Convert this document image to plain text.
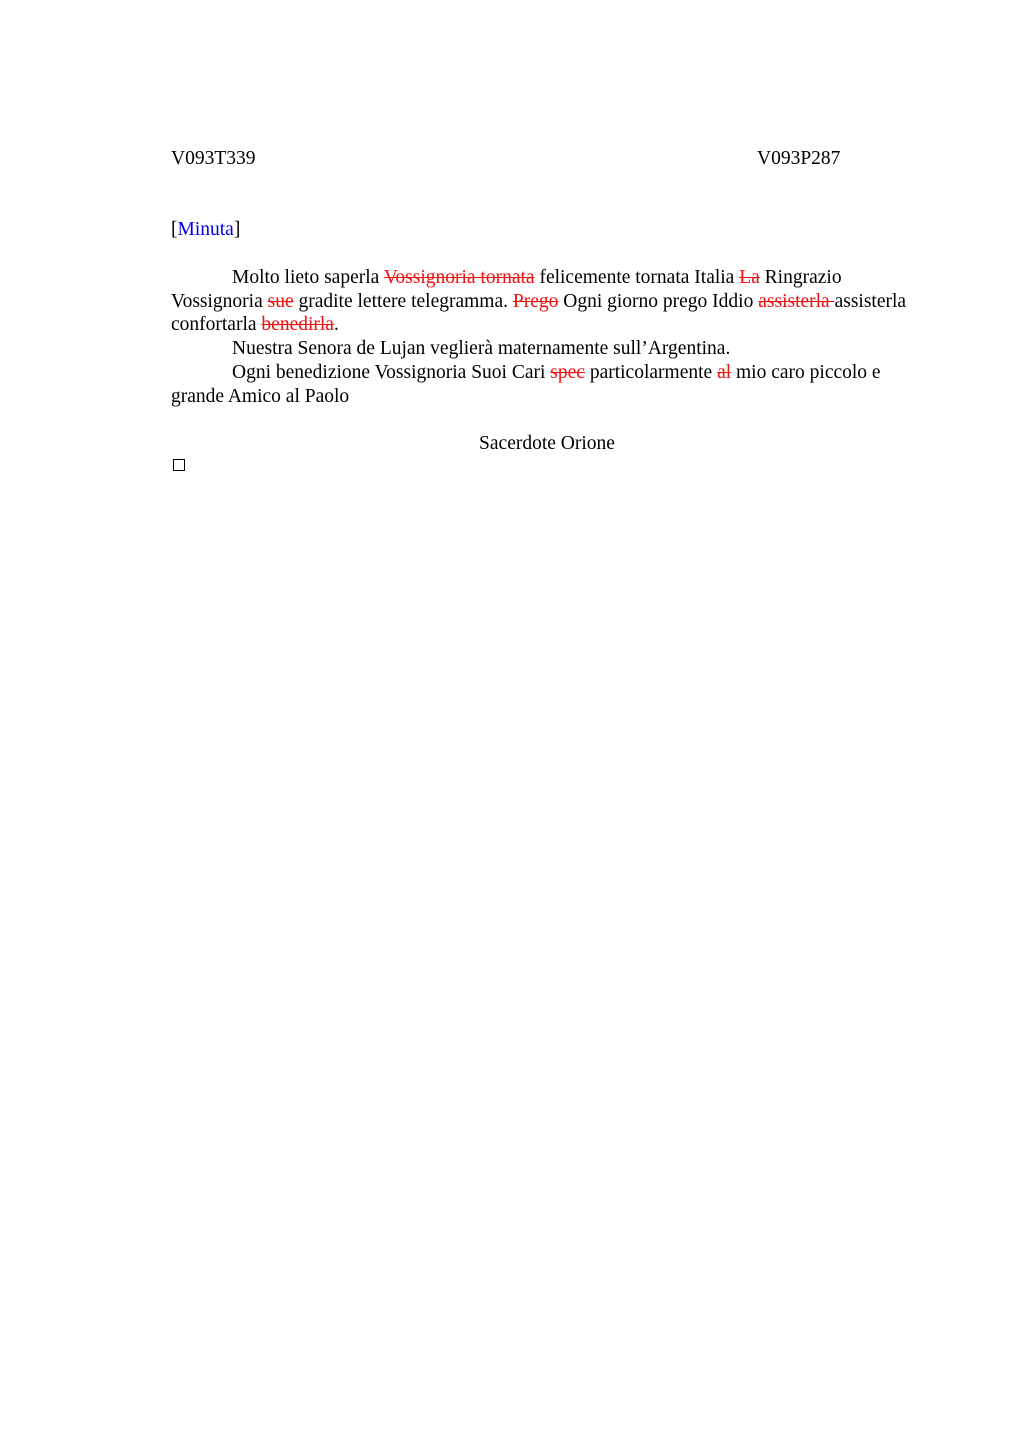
V093T339	V093P287
[Minuta]

Molto lieto saperla Vossignoria tornata felicemente tornata Italia La Ringrazio Vossignoria sue gradite lettere telegramma. Prego Ogni giorno prego Iddio assisterla assisterla confortarla benedirla.

Nuestra Senora de Lujan veglierà maternamente sull’Argentina.

Ogni benedizione Vossignoria Suoi Cari spec particolarmente al mio caro piccolo e grande Amico al Paolo

Sacerdote Orione
